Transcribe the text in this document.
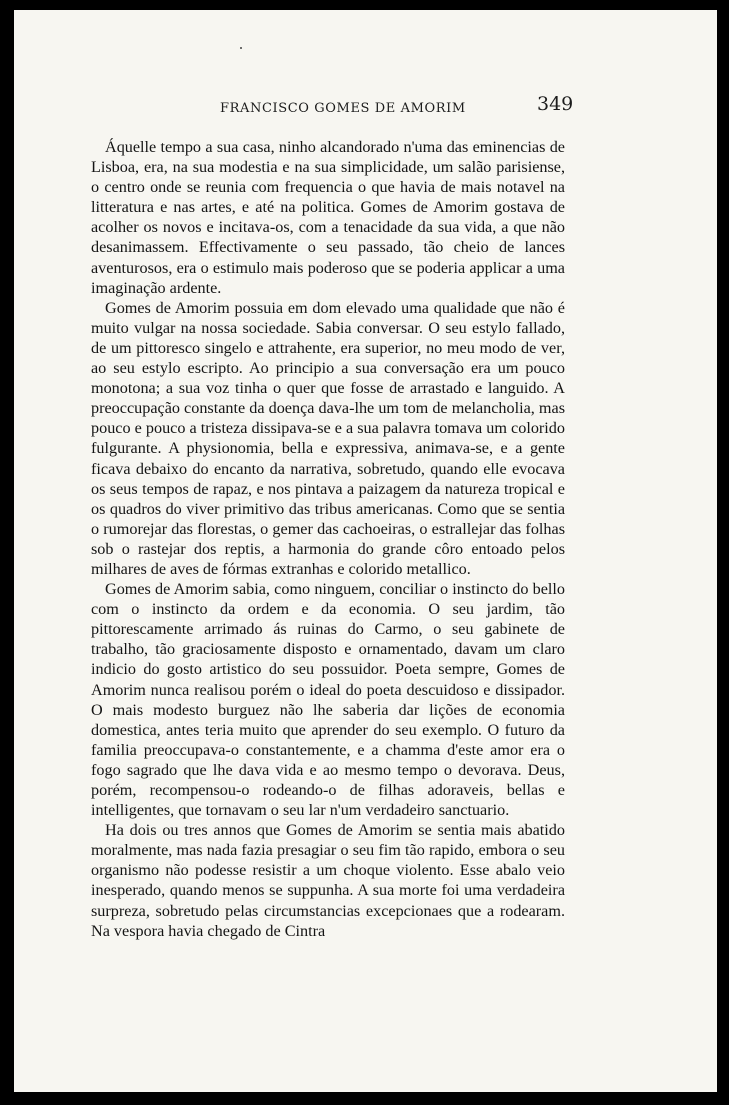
FRANCISCO GOMES DE AMORIM	349

Áquelle tempo a sua casa, ninho alcandorado n'uma das eminencias de Lisboa, era, na sua modestia e na sua simplicidade, um salão parisiense, o centro onde se reunia com frequencia o que havia de mais notavel na litteratura e nas artes, e até na politica. Gomes de Amorim gostava de acolher os novos e incitava-os, com a tenacidade da sua vida, a que não desanimassem. Effectivamente o seu passado, tão cheio de lances aventurosos, era o estimulo mais poderoso que se poderia applicar a uma imaginação ardente.

Gomes de Amorim possuia em dom elevado uma qualidade que não é muito vulgar na nossa sociedade. Sabia conversar. O seu estylo fallado, de um pittoresco singelo e attrahente, era superior, no meu modo de ver, ao seu estylo escripto. Ao principio a sua conversação era um pouco monotona; a sua voz tinha o quer que fosse de arrastado e languido. A preoccupação constante da doença dava-lhe um tom de melancholia, mas pouco e pouco a tristeza dissipava-se e a sua palavra tomava um colorido fulgurante. A physionomia, bella e expressiva, animava-se, e a gente ficava debaixo do encanto da narrativa, sobretudo, quando elle evocava os seus tempos de rapaz, e nos pintava a paizagem da natureza tropical e os quadros do viver primitivo das tribus americanas. Como que se sentia o rumorejar das florestas, o gemer das cachoeiras, o estrallejar das folhas sob o rastejar dos reptis, a harmonia do grande côro entoado pelos milhares de aves de fórmas extranhas e colorido metallico.

Gomes de Amorim sabia, como ninguem, conciliar o instincto do bello com o instincto da ordem e da economia. O seu jardim, tão pittorescamente arrimado ás ruinas do Carmo, o seu gabinete de trabalho, tão graciosamente disposto e ornamentado, davam um claro indicio do gosto artistico do seu possuidor. Poeta sempre, Gomes de Amorim nunca realisou porém o ideal do poeta descuidoso e dissipador. O mais modesto burguez não lhe saberia dar lições de economia domestica, antes teria muito que aprender do seu exemplo. O futuro da familia preoccupava-o constantemente, e a chamma d'este amor era o fogo sagrado que lhe dava vida e ao mesmo tempo o devorava. Deus, porém, recompensou-o rodeando-o de filhas adoraveis, bellas e intelligentes, que tornavam o seu lar n'um verdadeiro sanctuario.

Ha dois ou tres annos que Gomes de Amorim se sentia mais abatido moralmente, mas nada fazia presagiar o seu fim tão rapido, embora o seu organismo não podesse resistir a um choque violento. Esse abalo veio inesperado, quando menos se suppunha. A sua morte foi uma verdadeira surpreza, sobretudo pelas circumstancias excepcionaes que a rodearam. Na vespora havia chegado de Cintra
